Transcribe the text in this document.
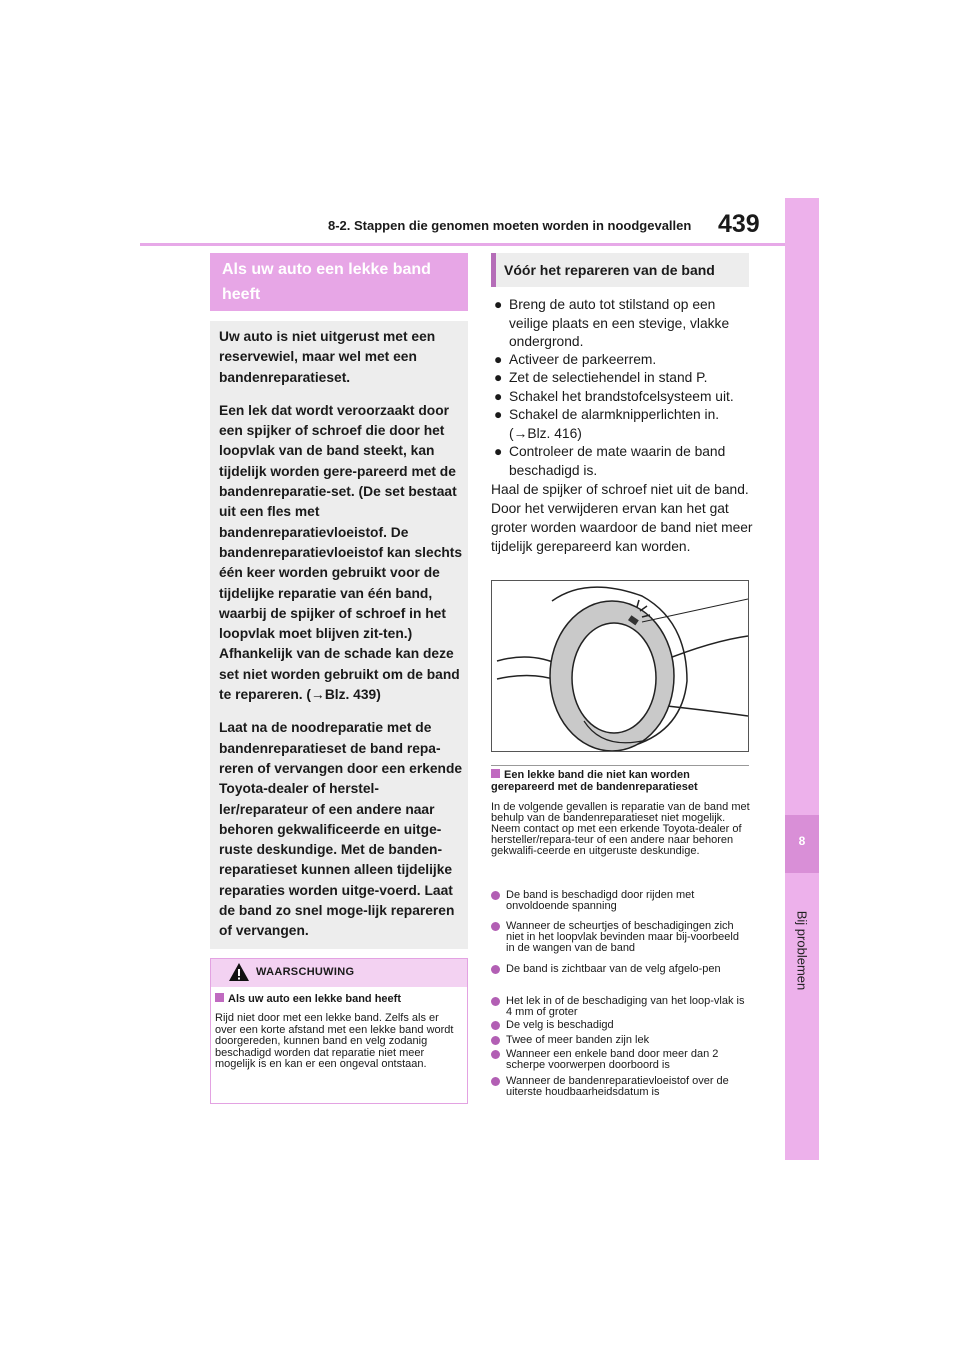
8-2. Stappen die genomen moeten worden in noodgevallen 439
8
Bij problemen
Als uw auto een lekke band heeft

Uw auto is niet uitgerust met een reservewiel, maar wel met een bandenreparatieset.

Een lek dat wordt veroorzaakt door een spijker of schroef die door het loopvlak van de band steekt, kan tijdelijk worden gere-pareerd met de bandenreparatie-set. (De set bestaat uit een fles met bandenreparatievloeistof. De bandenreparatievloeistof kan slechts één keer worden gebruikt voor de tijdelijke reparatie van één band, waarbij de spijker of schroef in het loopvlak moet blijven zit-ten.) Afhankelijk van de schade kan deze set niet worden gebruikt om de band te repareren. (→Blz. 439)

Laat na de noodreparatie met de bandenreparatieset de band repa-reren of vervangen door een erkende Toyota-dealer of herstel-ler/reparateur of een andere naar behoren gekwalificeerde en uitge-ruste deskundige. Met de banden-reparatieset kunnen alleen tijdelijke reparaties worden uitge-voerd. Laat de band zo snel moge-lijk repareren of vervangen.

WAARSCHUWING
Als uw auto een lekke band heeft
Rijd niet door met een lekke band. Zelfs als er over een korte afstand met een lekke band wordt doorgereden, kunnen band en velg zodanig beschadigd worden dat reparatie niet meer mogelijk is en kan er een ongeval ontstaan.
Vóór het repareren van de band
● Breng de auto tot stilstand op een veilige plaats en een stevige, vlakke ondergrond.
● Activeer de parkeerrem.
● Zet de selectiehendel in stand P.
● Schakel het brandstofcelsysteem uit.
● Schakel de alarmknipperlichten in. (→Blz. 416)
● Controleer de mate waarin de band beschadigd is.
Haal de spijker of schroef niet uit de band. Door het verwijderen ervan kan het gat groter worden waardoor de band niet meer tijdelijk gerepareerd kan worden.
Een lekke band die niet kan worden gerepareerd met de bandenreparatieset
In de volgende gevallen is reparatie van de band met behulp van de bandenreparatieset niet mogelijk. Neem contact op met een erkende Toyota-dealer of hersteller/repara-teur of een andere naar behoren gekwalifi-ceerde en uitgeruste deskundige.
De band is beschadigd door rijden met onvoldoende spanning
Wanneer de scheurtjes of beschadigingen zich niet in het loopvlak bevinden maar bij-voorbeeld in de wangen van de band
De band is zichtbaar van de velg afgelo-pen
Het lek in of de beschadiging van het loop-vlak is 4 mm of groter
De velg is beschadigd
Twee of meer banden zijn lek
Wanneer een enkele band door meer dan 2 scherpe voorwerpen doorboord is
Wanneer de bandenreparatievloeistof over de uiterste houdbaarheidsdatum is
